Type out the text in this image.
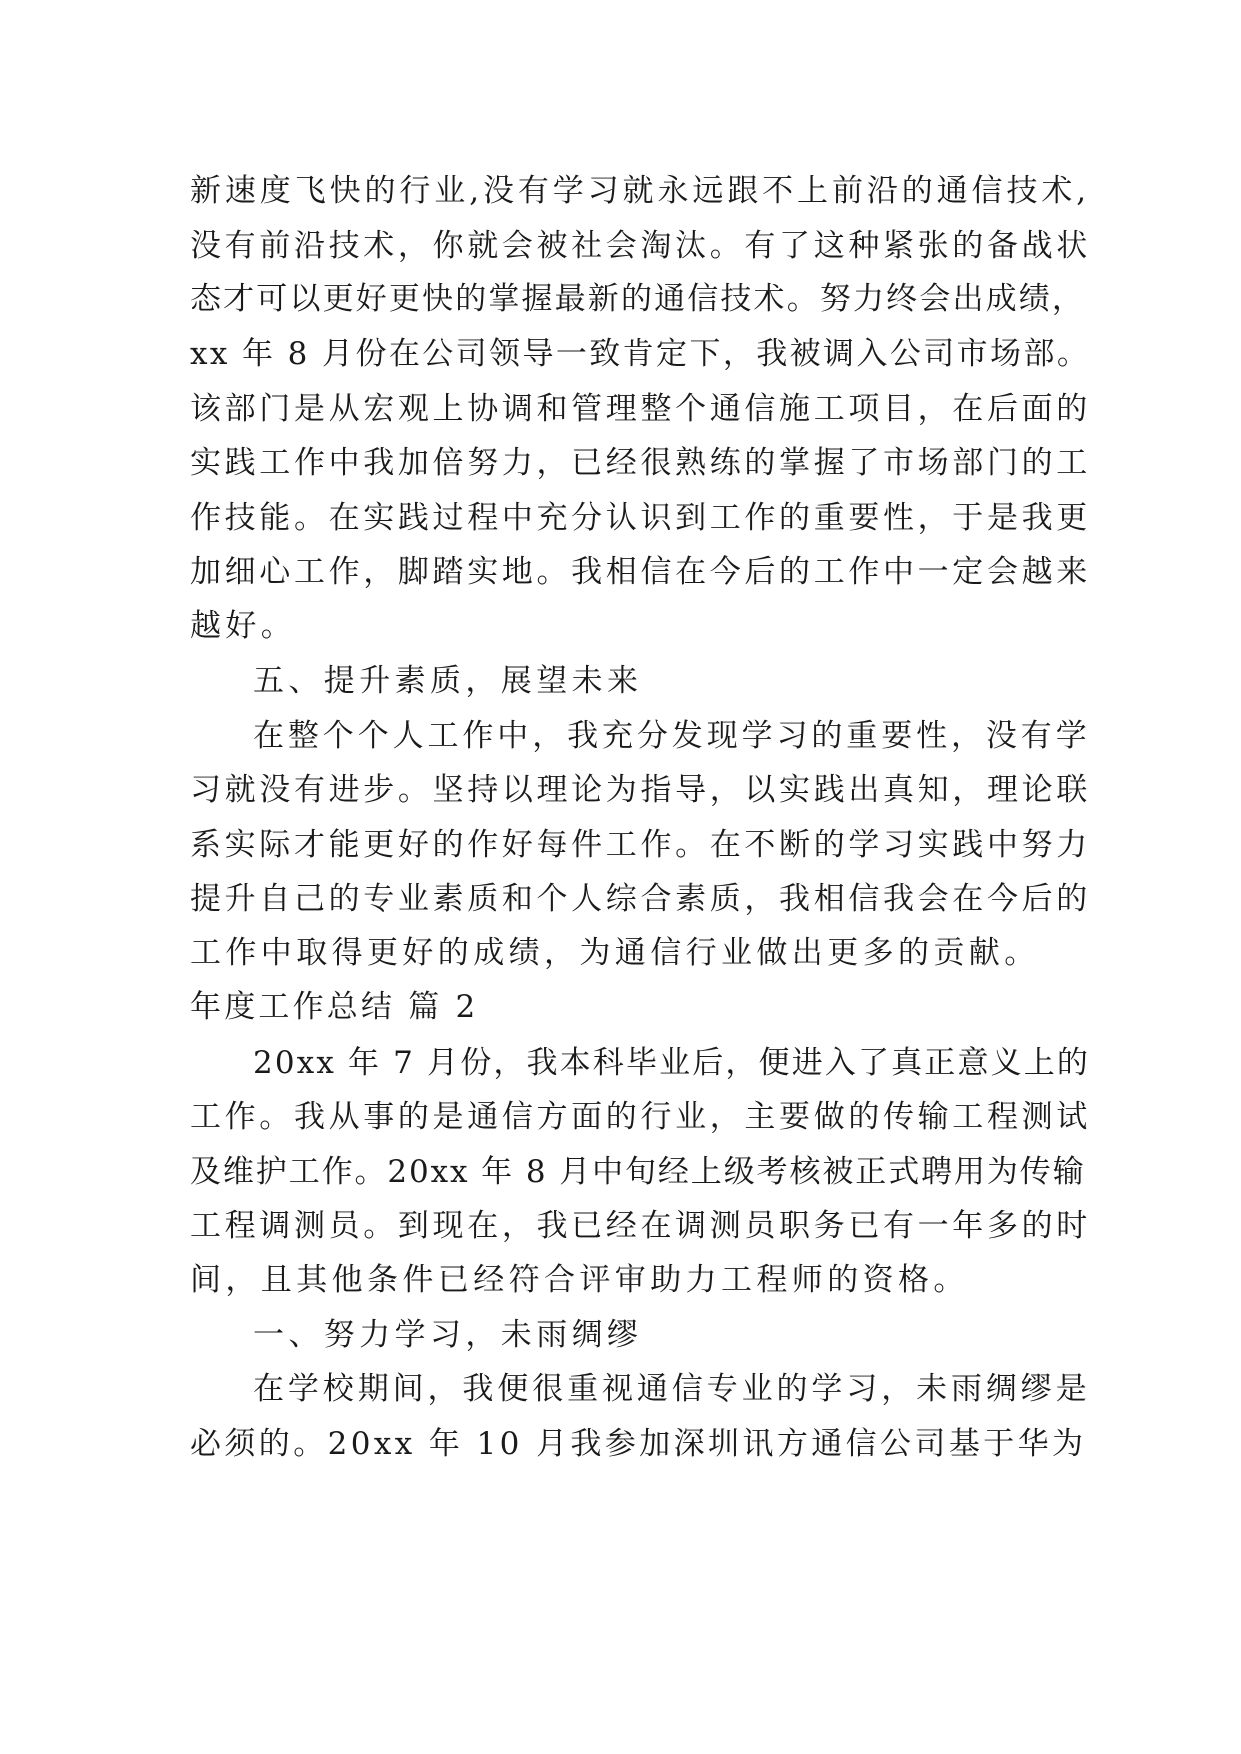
新速度飞快的行业,没有学习就永远跟不上前沿的通信技术,
没有前沿技术，你就会被社会淘汰。有了这种紧张的备战状
态才可以更好更快的掌握最新的通信技术。努力终会出成绩，
xx 年 8 月份在公司领导一致肯定下，我被调入公司市场部。
该部门是从宏观上协调和管理整个通信施工项目，在后面的
实践工作中我加倍努力，已经很熟练的掌握了市场部门的工
作技能。在实践过程中充分认识到工作的重要性，于是我更
加细心工作，脚踏实地。我相信在今后的工作中一定会越来
越好。
五、提升素质，展望未来
在整个个人工作中，我充分发现学习的重要性，没有学
习就没有进步。坚持以理论为指导，以实践出真知，理论联
系实际才能更好的作好每件工作。在不断的学习实践中努力
提升自己的专业素质和个人综合素质，我相信我会在今后的
工作中取得更好的成绩，为通信行业做出更多的贡献。
年度工作总结 篇 2
20xx 年 7 月份，我本科毕业后，便进入了真正意义上的
工作。我从事的是通信方面的行业，主要做的传输工程测试
及维护工作。20xx 年 8 月中旬经上级考核被正式聘用为传输
工程调测员。到现在，我已经在调测员职务已有一年多的时
间，且其他条件已经符合评审助力工程师的资格。
一、努力学习，未雨绸缪
在学校期间，我便很重视通信专业的学习，未雨绸缪是
必须的。20xx 年 10 月我参加深圳讯方通信公司基于华为
